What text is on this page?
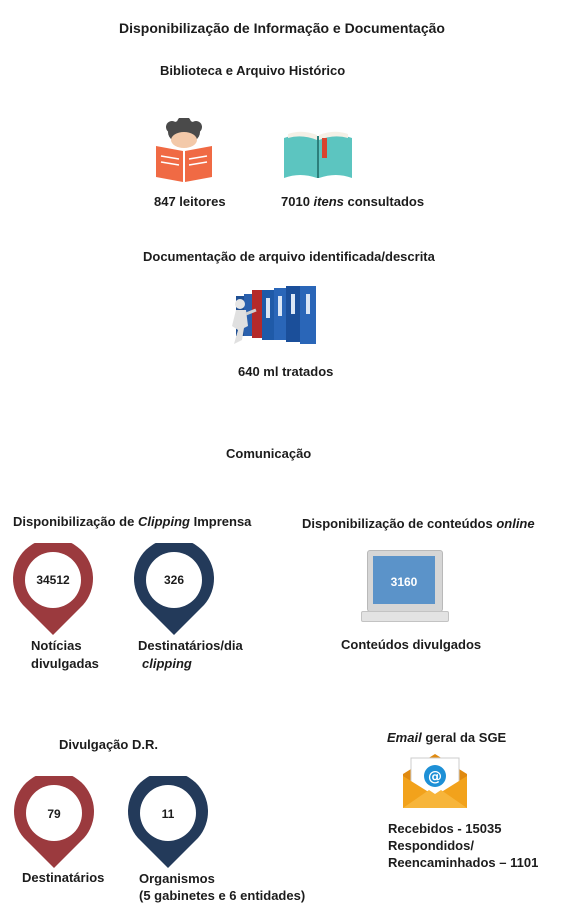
Disponibilização de Informação e Documentação
Biblioteca e Arquivo Histórico
847 leitores	7010 itens consultados
Documentação de arquivo identificada/descrita
640 ml tratados
Comunicação
Disponibilização de Clipping Imprensa	Disponibilização de conteúdos online
34512	326
Notícias
divulgadas
Destinatários/dia
clipping
3160
Conteúdos divulgados
Divulgação D.R.
79	11
Destinatários	Organismos
(5 gabinetes e 6 entidades)
Email geral da SGE
@
Recebidos - 15035
Respondidos/
Reencaminhados – 1101
